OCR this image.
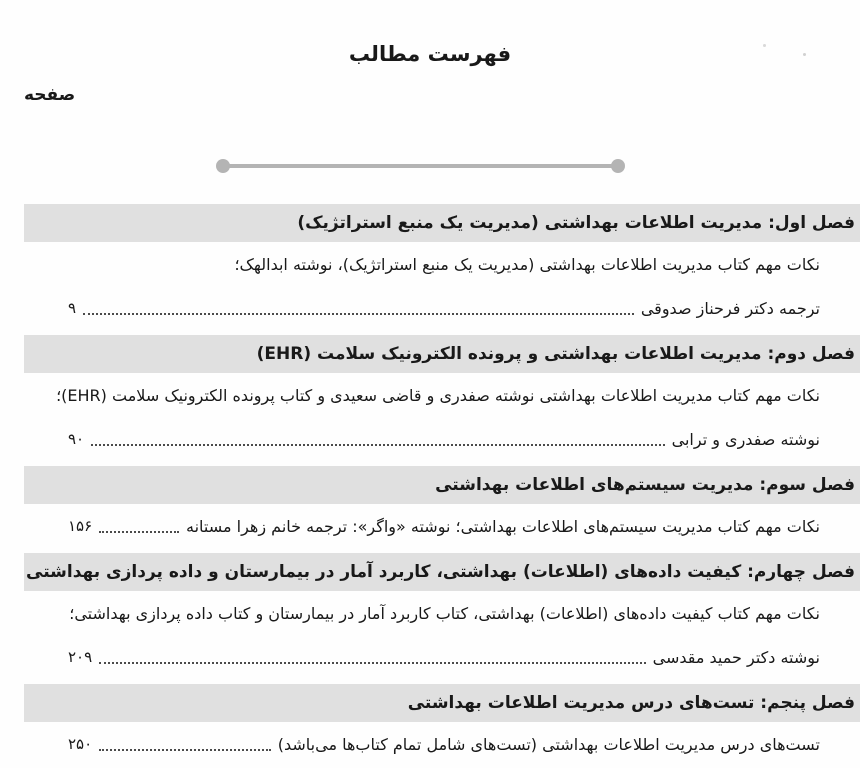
فهرست مطالب
صفحه
فصل اول: مدیریت اطلاعات بهداشتی (مدیریت یک منبع استراتژیک)
نکات مهم کتاب مدیریت اطلاعات بهداشتی (مدیریت یک منبع استراتژیک)، نوشته ابدالهک؛
ترجمه دکتر فرحناز صدوقی
۹
فصل دوم: مدیریت اطلاعات بهداشتی و پرونده الکترونیک سلامت (EHR)
نکات مهم کتاب مدیریت اطلاعات بهداشتی نوشته صفدری و قاضی سعیدی و کتاب پرونده الکترونیک سلامت (EHR)؛
نوشته صفدری و ترابی
۹۰
فصل سوم: مدیریت سیستم‌های اطلاعات بهداشتی
نکات مهم کتاب مدیریت سیستم‌های اطلاعات بهداشتی؛ نوشته «واگر»: ترجمه خانم زهرا مستانه
۱۵۶
فصل چهارم: کیفیت داده‌های (اطلاعات) بهداشتی، کاربرد آمار در بیمارستان و داده پردازی بهداشتی
نکات مهم کتاب کیفیت داده‌های (اطلاعات) بهداشتی، کتاب کاربرد آمار در بیمارستان و کتاب داده پردازی بهداشتی؛
نوشته دکتر حمید مقدسی
۲۰۹
فصل پنجم: تست‌های درس مدیریت اطلاعات بهداشتی
تست‌های درس مدیریت اطلاعات بهداشتی (تست‌های شامل تمام کتاب‌ها می‌باشد)
۲۵۰
